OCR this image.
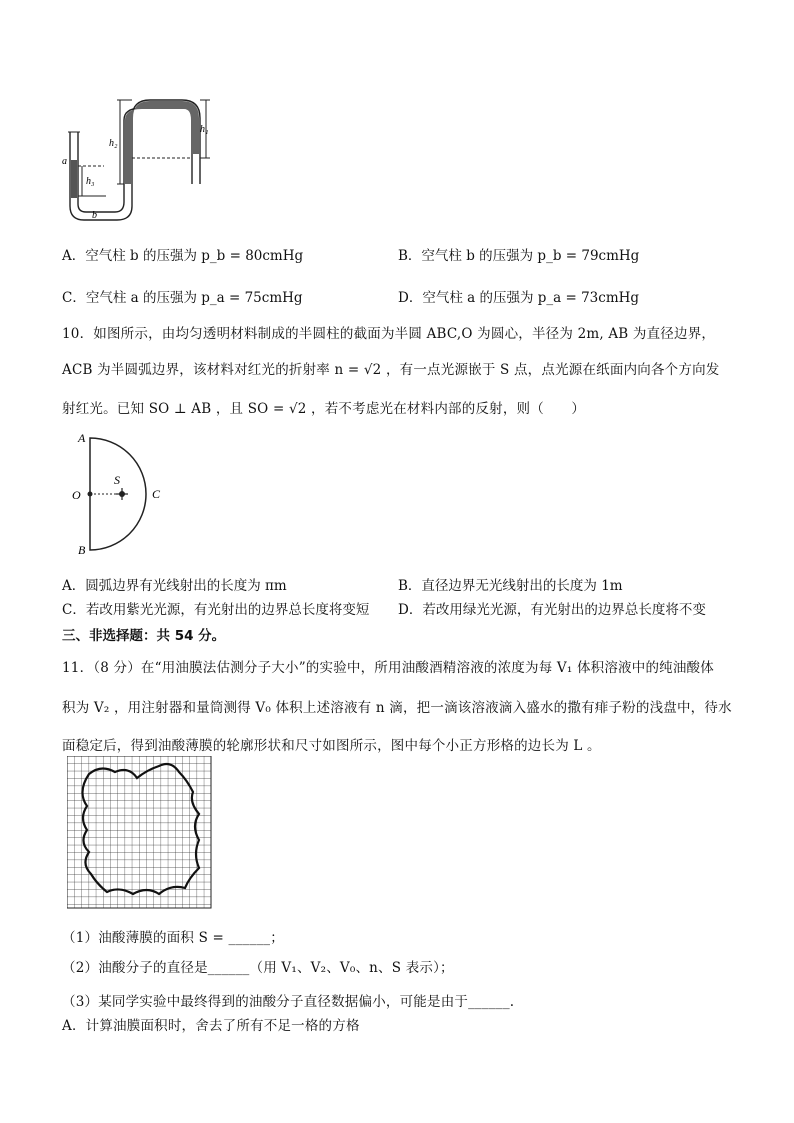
h₁
h₂
h₃
a
b
A．空气柱 b 的压强为 p_b = 80cmHg	B．空气柱 b 的压强为 p_b = 79cmHg
C．空气柱 a 的压强为 p_a = 75cmHg	D．空气柱 a 的压强为 p_a = 73cmHg
10．如图所示，由均匀透明材料制成的半圆柱的截面为半圆 ABC,O 为圆心，半径为 2m, AB 为直径边界，
ACB 为半圆弧边界，该材料对红光的折射率 n = √2 ，有一点光源嵌于 S 点，点光源在纸面内向各个方向发
射红光。已知 SO ⊥ AB ，且 SO = √2 ，若不考虑光在材料内部的反射，则（　　）
A
B
O
S
C
A．圆弧边界有光线射出的长度为 πm	B．直径边界无光线射出的长度为 1m
C．若改用紫光光源，有光射出的边界总长度将变短 D．若改用绿光光源，有光射出的边界总长度将不变
三、非选择题：共 54 分。
11．（8 分）在“用油膜法估测分子大小”的实验中，所用油酸酒精溶液的浓度为每 V₁ 体积溶液中的纯油酸体
积为 V₂ ，用注射器和量筒测得 V₀ 体积上述溶液有 n 滴，把一滴该溶液滴入盛水的撒有痱子粉的浅盘中，待水
面稳定后，得到油酸薄膜的轮廓形状和尺寸如图所示，图中每个小正方形格的边长为 L 。
（1）油酸薄膜的面积 S = ______；
（2）油酸分子的直径是______（用 V₁、V₂、V₀、n、S 表示）；
（3）某同学实验中最终得到的油酸分子直径数据偏小，可能是由于______.
A．计算油膜面积时，舍去了所有不足一格的方格
